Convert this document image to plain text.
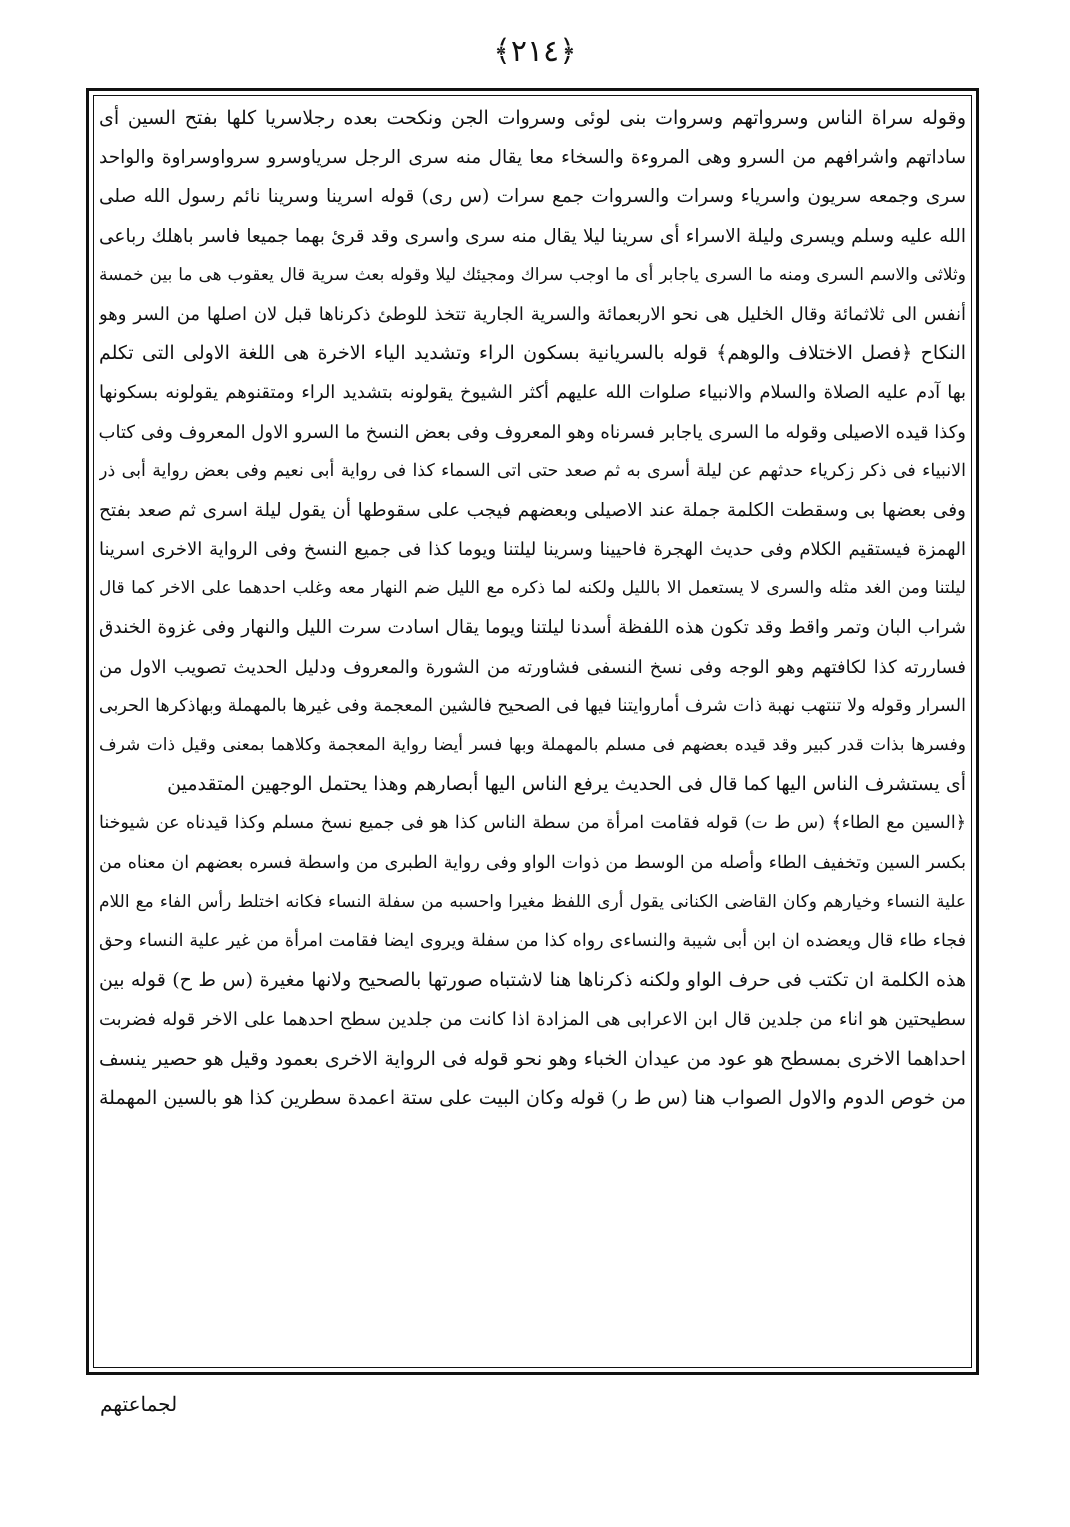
﴿٢١٤﴾
وقوله سراة الناس وسرواتهم وسروات بنى لوئى وسروات الجن ونكحت بعده رجلاسريا كلها بفتح السين أى
ساداتهم واشرافهم من السرو وهى المروءة والسخاء معا يقال منه سرى الرجل سرياوسرو سرواوسراوة والواحد
سرى وجمعه سريون واسرياء وسرات والسروات جمع سرات (س رى) قوله اسرينا وسرينا نائم رسول الله صلى
الله عليه وسلم ويسرى وليلة الاسراء أى سرينا ليلا يقال منه سرى واسرى وقد قرئ بهما جميعا فاسر باهلك رباعى
وثلاثى والاسم السرى ومنه ما السرى ياجابر أى ما اوجب سراك ومجيئك ليلا وقوله بعث سرية قال يعقوب هى ما بين خمسة
أنفس الى ثلاثمائة وقال الخليل هى نحو الاربعمائة والسرية الجارية تتخذ للوطئ ذكرناها قبل لان اصلها من السر وهو
النكاح ﴿فصل الاختلاف والوهم﴾ قوله بالسريانية بسكون الراء وتشديد الياء الاخرة هى اللغة الاولى التى تكلم
بها آدم عليه الصلاة والسلام والانبياء صلوات الله عليهم أكثر الشيوخ يقولونه بتشديد الراء ومتقنوهم يقولونه بسكونها
وكذا قيده الاصيلى وقوله ما السرى ياجابر فسرناه وهو المعروف وفى بعض النسخ ما السرو الاول المعروف وفى كتاب
الانبياء فى ذكر زكرياء حدثهم عن ليلة أسرى به ثم صعد حتى اتى السماء كذا فى رواية أبى نعيم وفى بعض رواية أبى ذر
وفى بعضها بى وسقطت الكلمة جملة عند الاصيلى وبعضهم فيجب على سقوطها أن يقول ليلة اسرى ثم صعد بفتح
الهمزة فيستقيم الكلام وفى حديث الهجرة فاحيينا وسرينا ليلتنا ويوما كذا فى جميع النسخ وفى الرواية الاخرى اسرينا
ليلتنا ومن الغد مثله والسرى لا يستعمل الا بالليل ولكنه لما ذكره مع الليل ضم النهار معه وغلب احدهما على الاخر كما قال
شراب البان وتمر واقط وقد تكون هذه اللفظة أسدنا ليلتنا ويوما يقال اسادت سرت الليل والنهار وفى غزوة الخندق
فساررته كذا لكافتهم وهو الوجه وفى نسخ النسفى فشاورته من الشورة والمعروف ودليل الحديث تصويب الاول من
السرار وقوله ولا تنتهب نهبة ذات شرف أماروايتنا فيها فى الصحيح فالشين المعجمة وفى غيرها بالمهملة وبهاذكرها الحربى
وفسرها بذات قدر كبير وقد قيده بعضهم فى مسلم بالمهملة وبها فسر أيضا رواية المعجمة وكلاهما بمعنى وقيل ذات شرف
أى يستشرف الناس اليها كما قال فى الحديث يرفع الناس اليها أبصارهم وهذا يحتمل الوجهين المتقدمين
﴿السين مع الطاء﴾ (س ط ت) قوله فقامت امرأة من سطة الناس كذا هو فى جميع نسخ مسلم وكذا قيدناه عن شيوخنا
بكسر السين وتخفيف الطاء وأصله من الوسط من ذوات الواو وفى رواية الطبرى من واسطة فسره بعضهم ان معناه من
علية النساء وخيارهم وكان القاضى الكنانى يقول أرى اللفظ مغيرا واحسبه من سفلة النساء فكانه اختلط رأس الفاء مع اللام
فجاء طاء قال ويعضده ان ابن أبى شيبة والنساءى رواه كذا من سفلة ويروى ايضا فقامت امرأة من غير علية النساء وحق
هذه الكلمة ان تكتب فى حرف الواو ولكنه ذكرناها هنا لاشتباه صورتها بالصحيح ولانها مغيرة (س ط ح) قوله بين
سطيحتين هو اناء من جلدين قال ابن الاعرابى هى المزادة اذا كانت من جلدين سطح احدهما على الاخر قوله فضربت
احداهما الاخرى بمسطح هو عود من عيدان الخباء وهو نحو قوله فى الرواية الاخرى بعمود وقيل هو حصير ينسف
من خوص الدوم والاول الصواب هنا (س ط ر) قوله وكان البيت على ستة اعمدة سطرين كذا هو بالسين المهملة
لجماعتهم
